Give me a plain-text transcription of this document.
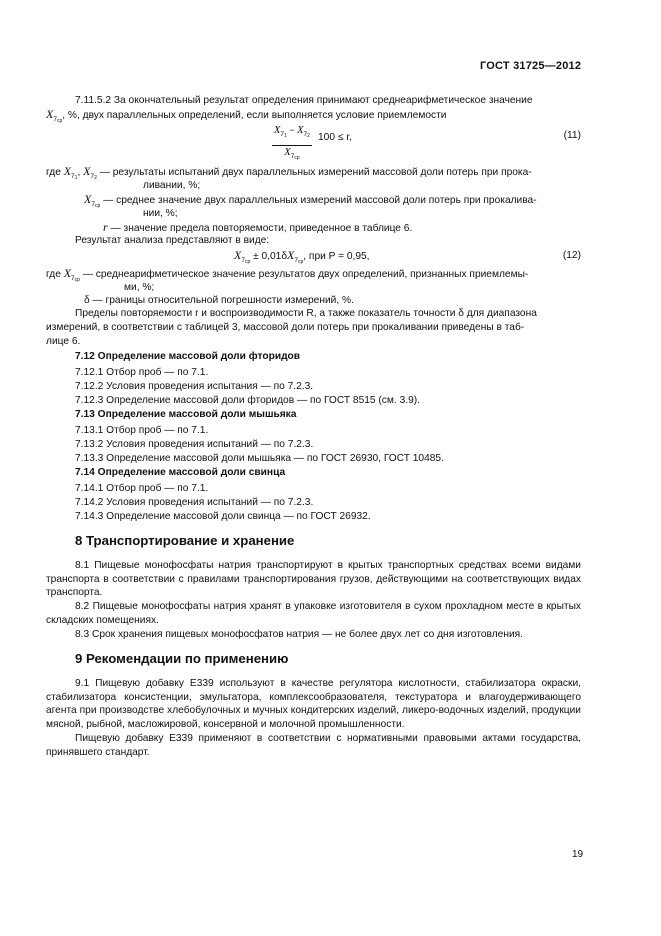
ГОСТ 31725—2012
7.11.5.2 За окончательный результат определения принимают среднеарифметическое значение
$X_{7ср}$, %, двух параллельных определений, если выполняется условие приемлемости
$X_{71} - X_{72}$
$X_{7ср}$
100 ≤ r,	(11)
где $X_{71}$, $X_{72}$ — результаты испытаний двух параллельных измерений массовой доли потерь при прока-
ливании, %;
$X_{7ср}$ — среднее значение двух параллельных измерений массовой доли потерь при прокалива-
нии, %;
r — значение предела повторяемости, приведенное в таблице 6.
Результат анализа представляют в виде:
$X_{7ср} \pm 0,01\delta X_{7ср}$, при P = 0,95,	(12)
где $X_{7ср}$ — среднеарифметическое значение результатов двух определений, признанных приемлемы-
ми, %;
δ — границы относительной погрешности измерений, %.
Пределы повторяемости r и воспроизводимости R, а также показатель точности δ для диапазона
измерений, в соответствии с таблицей 3, массовой доли потерь при прокаливании приведены в таб-
лице 6.
7.12 Определение массовой доли фторидов
7.12.1 Отбор проб — по 7.1.
7.12.2 Условия проведения испытания — по 7.2.3.
7.12.3 Определение массовой доли фторидов — по ГОСТ 8515 (см. 3.9).
7.13 Определение массовой доли мышьяка
7.13.1 Отбор проб — по 7.1.
7.13.2 Условия проведения испытаний — по 7.2.3.
7.13.3 Определение массовой доли мышьяка — по ГОСТ 26930, ГОСТ 10485.
7.14 Определение массовой доли свинца
7.14.1 Отбор проб — по 7.1.
7.14.2 Условия проведения испытаний — по 7.2.3.
7.14.3 Определение массовой доли свинца — по ГОСТ 26932.
8 Транспортирование и хранение
8.1 Пищевые монофосфаты натрия транспортируют в крытых транспортных средствах всеми видами транспорта в соответствии с правилами транспортирования грузов, действующими на соответствующих видах транспорта.
8.2 Пищевые монофосфаты натрия хранят в упаковке изготовителя в сухом прохладном месте в крытых складских помещениях.
8.3 Срок хранения пищевых монофосфатов натрия — не более двух лет со дня изготовления.
9 Рекомендации по применению
9.1 Пищевую добавку Е339 используют в качестве регулятора кислотности, стабилизатора окраски, стабилизатора консистенции, эмульгатора, комплексообразователя, текстуратора и влагоудерживающего агента при производстве хлебобулочных и мучных кондитерских изделий, ликеро-водочных изделий, продукции мясной, рыбной, масложировой, консервной и молочной промышленности.
Пищевую добавку Е339 применяют в соответствии с нормативными правовыми актами государства, принявшего стандарт.
19
